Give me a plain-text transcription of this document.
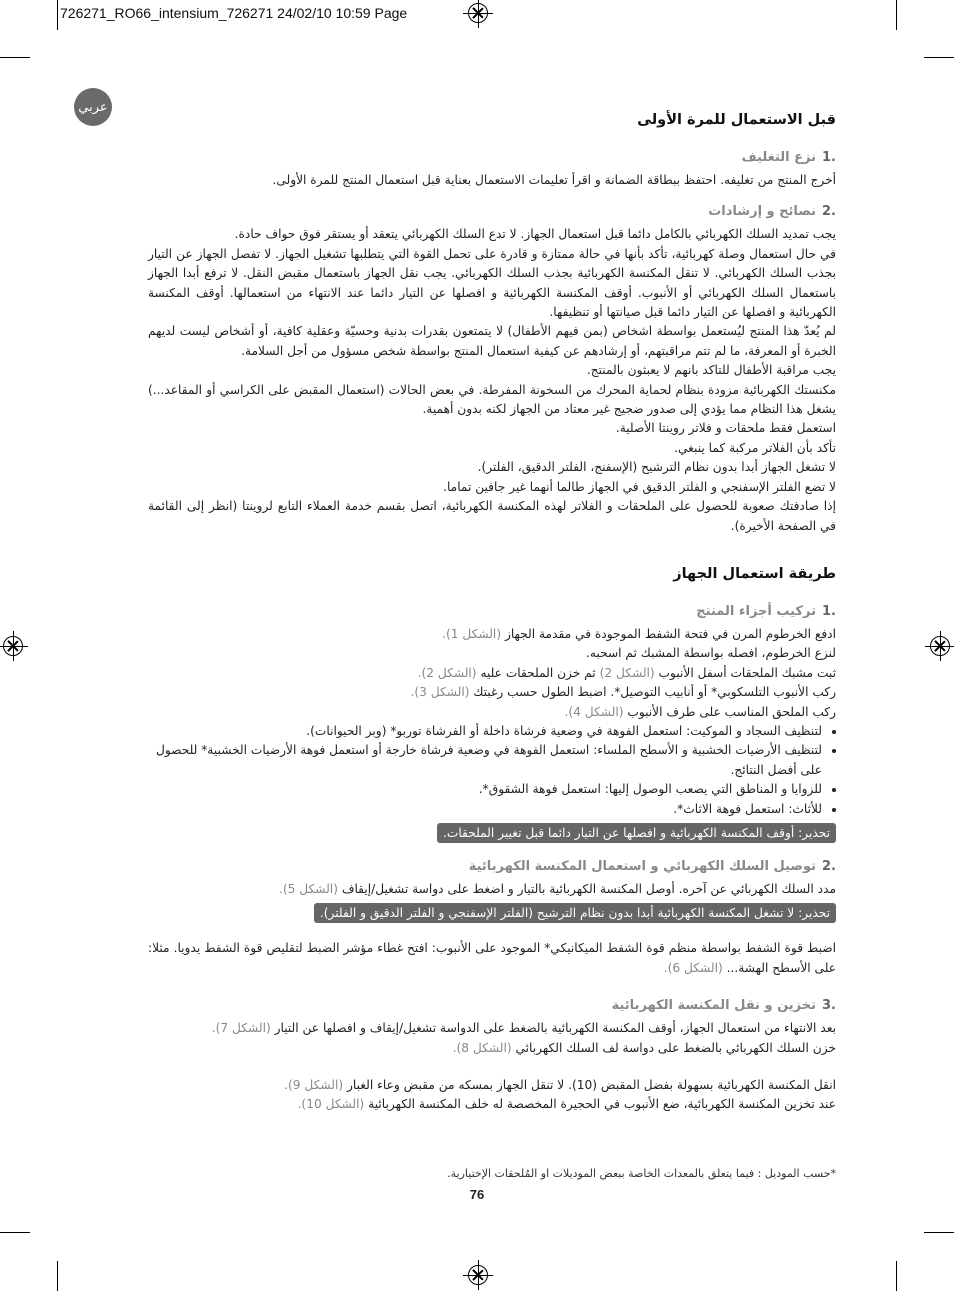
726271_RO66_intensium_726271 24/02/10 10:59 Page
عربي
قبل الاستعمال للمرة الأولى
.1نزع التغليف

أخرج المنتج من تغليفه. احتفظ ببطاقة الضمانة و اقرأ تعليمات الاستعمال بعناية قبل استعمال المنتج للمرة الأولى.

.2نصائح و إرشادات

يجب تمديد السلك الكهربائي بالكامل دائما قبل استعمال الجهاز. لا تدع السلك الكهربائي يتعقد أو يستقر فوق حواف حادة.

في حال استعمال وصلة كهربائية، تأكد بأنها في حالة ممتازة و قادرة على تحمل القوة التي يتطلبها تشغيل الجهاز. لا تفصل الجهاز عن التيار بجذب السلك الكهربائي. لا تنقل المكنسة الكهربائية بجذب السلك الكهربائي. يجب نقل الجهاز باستعمال مقبض النقل. لا ترفع أبدا الجهاز باستعمال السلك الكهربائي أو الأنبوب. أوقف المكنسة الكهربائية و افصلها عن التيار دائما عند الانتهاء من استعمالها. أوقف المكنسة الكهربائية و افصلها عن التيار دائما قبل صيانتها أو تنظيفها.

لم يُعدّ هذا المنتج ليُستعمل بواسطة اشخاص (بمن فيهم الأطفال) لا يتمتعون بقدرات بدنية وحسيّة وعقلية كافية، أو أشخاص ليست لديهم الخبرة أو المعرفة، ما لم تتم مراقبتهم، أو إرشادهم عن كيفية استعمال المنتج بواسطة شخص مسؤول من أجل السلامة.

يجب مراقبة الأطفال للتاكد بانهم لا يعبثون بالمنتج.

مكنستك الكهربائية مزودة بنظام لحماية المحرك من السخونة المفرطة. في بعض الحالات (استعمال المقبض على الكراسي أو المقاعد...) يشغل هذا النظام مما يؤدي إلى صدور ضجيج غير معتاد من الجهاز لكنه بدون أهمية.

استعمل فقط ملحقات و فلاتر روينتا الأصلية.

تأكد بأن الفلاتر مركبة كما ينبغي.

لا تشغل الجهاز أبدا بدون نظام الترشيح (الإسفنج، الفلتر الدقيق، الفلتر).

لا تضع الفلتر الإسفنجي و الفلتر الدقيق في الجهاز طالما أنهما غير جافين تماما.

إذا صادفتك صعوبة للحصول على الملحقات و الفلاتر لهذه المكنسة الكهربائية، اتصل بقسم خدمة العملاء التابع لروينتا (انظر إلى القائمة في الصفحة الأخيرة).

طريقة استعمال الجهاز
.1تركيب أجزاء المنتج

ادفع الخرطوم المرن في فتحة الشفط الموجودة في مقدمة الجهاز (الشكل 1).

لنزع الخرطوم، افصله بواسطة المشبك ثم اسحبه.

ثبت مشبك الملحقات أسفل الأنبوب (الشكل 2) ثم خزن الملحقات عليه (الشكل 2).

ركب الأنبوب التلسكوبي* أو أنابيب التوصيل*. اضبط الطول حسب رغبتك (الشكل 3).

ركب الملحق المناسب على طرف الأنبوب (الشكل 4).

• لتنظيف السجاد و الموكيت: استعمل الفوهة في وضعية فرشاة داخلة أو الفرشاة توربو* (وبر الحيوانات).
• لتنظيف الأرضيات الخشبية و الأسطح الملساء: استعمل الفوهة في وضعية فرشاة خارجة أو استعمل فوهة الأرضيات الخشبية* للحصول على أفضل النتائج.
• للزوايا و المناطق التي يصعب الوصول إليها: استعمل فوهة الشقوق*.
• للأثاث: استعمل فوهة الاثاث*.
تحذير: أوقف المكنسة الكهربائية و افصلها عن التيار دائما قبل تغيير الملحقات.
.2توصيل السلك الكهربائي و استعمال المكنسة الكهربائية

مدد السلك الكهربائي عن آخره. أوصل المكنسة الكهربائية بالتيار و اضغط على دواسة تشغيل/إيقاف (الشكل 5).

تحذير: لا تشغل المكنسة الكهربائية أبدا بدون نظام الترشيح (الفلتر الإسفنجي و الفلتر الدقيق و الفلتر).

اضبط قوة الشفط بواسطة منظم قوة الشفط الميكانيكي* الموجود على الأنبوب: افتح غطاء مؤشر الضبط لتقليص قوة الشفط يدويا. مثلا: على الأسطح الهشة... (الشكل 6).

.3تخزين و نقل المكنسة الكهربائية

بعد الانتهاء من استعمال الجهاز، أوقف المكنسة الكهربائية بالضغط على الدواسة تشغيل/إيقاف و افصلها عن التيار (الشكل 7).

خزن السلك الكهربائي بالضغط على دواسة لف السلك الكهربائي (الشكل 8).

انقل المكنسة الكهربائية بسهولة بفضل المقبض (10). لا تنقل الجهاز بمسكه من مقبض وعاء الغبار (الشكل 9).

عند تخزين المكنسة الكهربائية، ضع الأنبوب في الحجيرة المخصصة له خلف المكنسة الكهربائية (الشكل 10).

*حسب الموديل : فيما يتعلق بالمعدات الخاصة ببعض الموديلات او المُلحقات الإختيارية.
76
